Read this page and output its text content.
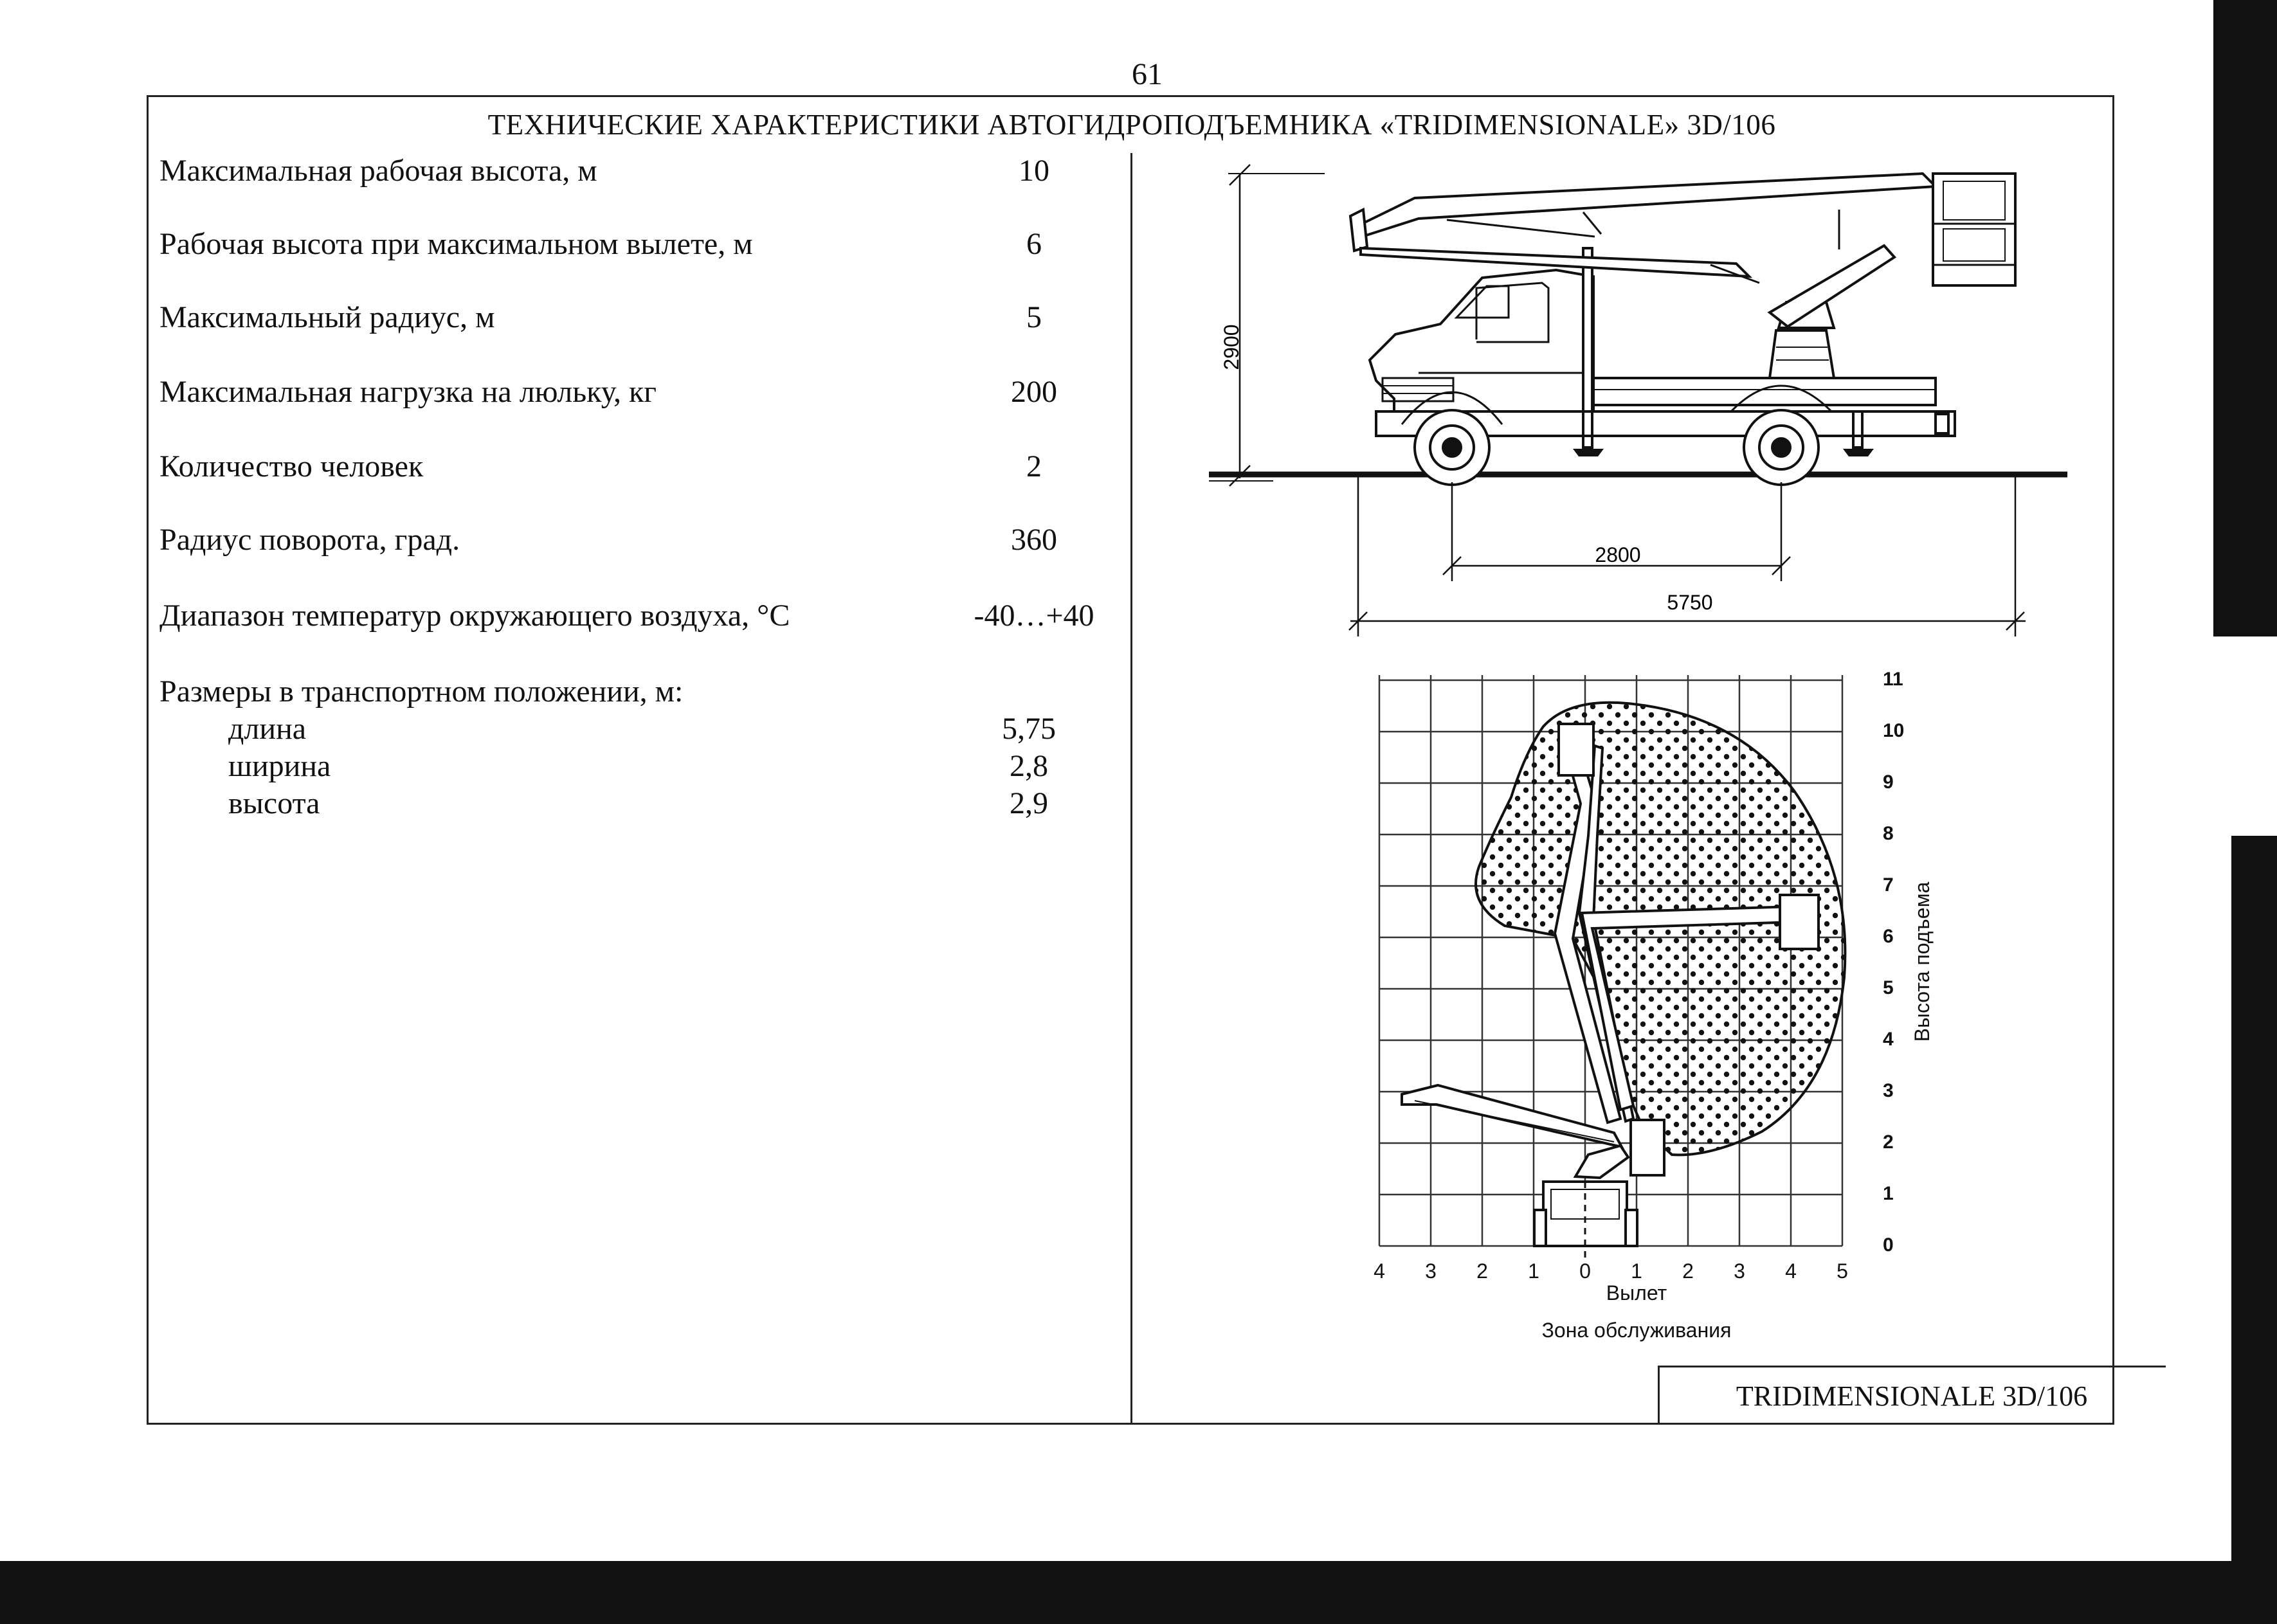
61
ТЕХНИЧЕСКИЕ ХАРАКТЕРИСТИКИ АВТОГИДРОПОДЪЕМНИКА «TRIDIMENSIONALE» 3D/106
Максимальная рабочая высота, м	10
Рабочая высота при максимальном вылете, м	6
Максимальный радиус, м	5
Максимальная нагрузка на люльку, кг	200
Количество человек	2
Радиус поворота, град.	360
Диапазон температур окружающего воздуха, °С	-40…+40
Размеры в транспортном положении, м:
длина	5,75
ширина	2,8
высота	2,9
2900
2800
5750
0
1
2
3
4
5
6
7
8
9
10
11
4 3 2 1 0 1 2 3 4 5
Вылет
Зона обслуживания
Высота подъема
TRIDIMENSIONALE 3D/106
